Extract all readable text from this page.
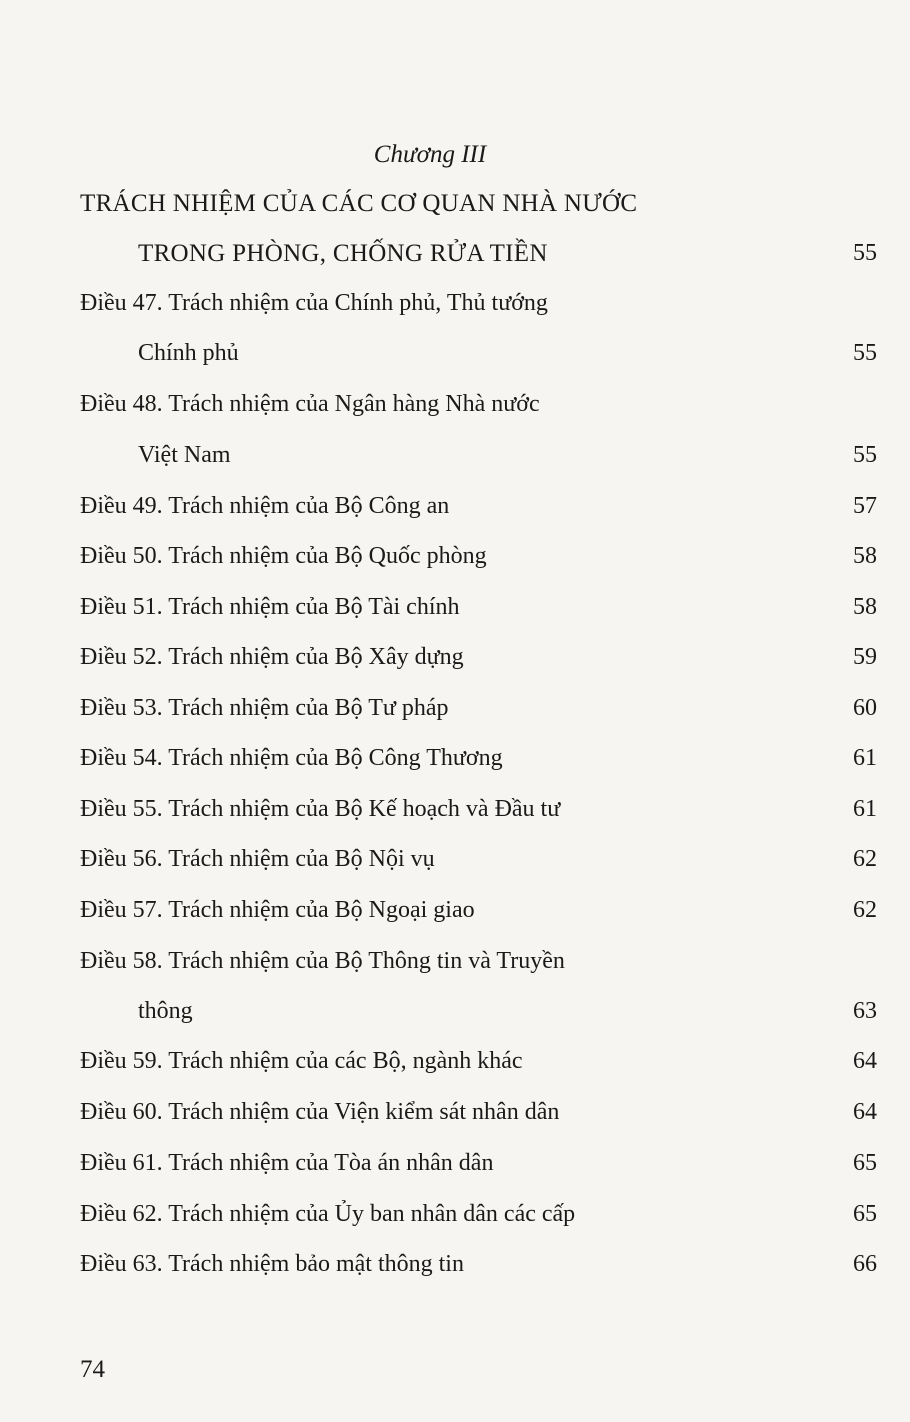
Chương III
TRÁCH NHIỆM CỦA CÁC CƠ QUAN NHÀ NƯỚC
TRONG PHÒNG, CHỐNG RỬA TIỀN	55
Điều 47. Trách nhiệm của Chính phủ, Thủ tướng
Chính phủ	55
Điều 48. Trách nhiệm của Ngân hàng Nhà nước
Việt Nam	55
Điều 49. Trách nhiệm của Bộ Công an	57
Điều 50. Trách nhiệm của Bộ Quốc phòng	58
Điều 51. Trách nhiệm của Bộ Tài chính	58
Điều 52. Trách nhiệm của Bộ Xây dựng	59
Điều 53. Trách nhiệm của Bộ Tư pháp	60
Điều 54. Trách nhiệm của Bộ Công Thương	61
Điều 55. Trách nhiệm của Bộ Kế hoạch và Đầu tư	61
Điều 56. Trách nhiệm của Bộ Nội vụ	62
Điều 57. Trách nhiệm của Bộ Ngoại giao	62
Điều 58. Trách nhiệm của Bộ Thông tin và Truyền
thông	63
Điều 59. Trách nhiệm của các Bộ, ngành khác	64
Điều 60. Trách nhiệm của Viện kiểm sát nhân dân	64
Điều 61. Trách nhiệm của Tòa án nhân dân	65
Điều 62. Trách nhiệm của Ủy ban nhân dân các cấp	65
Điều 63. Trách nhiệm bảo mật thông tin	66
74
